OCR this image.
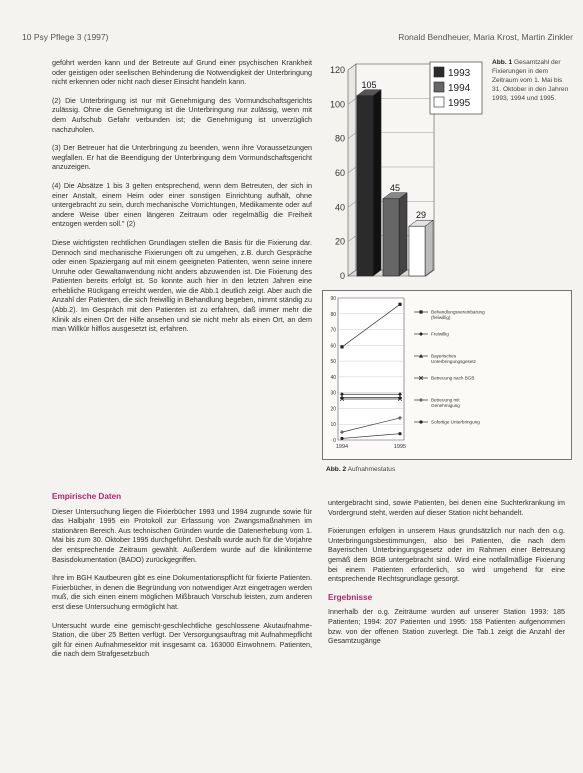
10 Psy Pflege 3 (1997)	Ronald Bendheuer, Maria Krost, Martin Zinkler

geführt werden kann und der Betreute auf Grund einer psychischen Krankheit oder geistigen oder seelischen Behinderung die Notwendigkeit der Unterbringung nicht erkennen oder nicht nach dieser Einsicht handeln kann.

(2) Die Unterbringung ist nur mit Genehmigung des Vormundschaftsgerichts zulässig. Ohne die Genehmigung ist die Unterbringung nur zulässig, wenn mit dem Aufschub Gefahr verbunden ist; die Genehmigung ist unverzüglich nachzuholen.

(3) Der Betreuer hat die Unterbringung zu beenden, wenn ihre Voraussetzungen wegfallen. Er hat die Beendigung der Unterbringung dem Vormundschaftsgericht anzuzeigen.

(4) Die Absätze 1 bis 3 gelten entsprechend, wenn dem Betreuten, der sich in einer Anstalt, einem Heim oder einer sonstigen Einrichtung aufhält, ohne untergebracht zu sein, durch mechanische Vorrichtungen, Medikamente oder auf andere Weise über einen längeren Zeitraum oder regelmäßig die Freiheit entzogen werden soll." (2)

Diese wichtigsten rechtlichen Grundlagen stellen die Basis für die Fixierung dar. Dennoch sind mechanische Fixierungen oft zu umgehen, z.B. durch Gespräche oder einen Spaziergang auf mit einem geeigneten Patienten, wenn seine innere Unruhe oder Gewaltanwendung nicht anders abzuwenden ist. Die Fixierung des Patienten bereits erfolgt ist. So konnte auch hier in den letzten Jahren eine erhebliche Rückgang erreicht werden, wie die Abb.1 deutlich zeigt. Aber auch die Anzahl der Patienten, die sich freiwillig in Behandlung begeben, nimmt ständig zu (Abb.2). Im Gespräch mit den Patienten ist zu erfahren, daß immer mehr die Klinik als einen Ort der Hilfe ansehen und sie nicht mehr als einen Ort, an dem man Willkür hilflos ausgesetzt ist, erfahren.

Empirische Daten

Dieser Untersuchung liegen die Fixierbücher 1993 und 1994 zugrunde sowie für das Halbjahr 1995 ein Protokoll zur Erfassung von Zwangsmaßnahmen im stationären Bereich. Aus technischen Gründen wurde die Datenerhebung vom 1. Mai bis zum 30. Oktober 1995 durchgeführt. Deshalb wurde auch für die Vorjahre der entsprechende Zeitraum gewählt. Außerdem wurde auf die klinikinterne Basisdokumentation (BADO) zurückgegriffen.

Ihre im BGH Kautbeuren gibt es eine Dokumentationspflicht für fixierte Patienten. Fixierbücher, in denen die Begründung von notwendiger Arzt eingetragen werden muß, die sich einen einem möglichen Mißbrauch Vorschub leisten, zum anderen erst diese Untersuchung ermöglicht hat.

Untersucht wurde eine gemischt-geschlechtliche geschlossene Akutaufnahme-Station, die über 25 Betten verfügt. Der Versorgungsauftrag mit Aufnahmepflicht gilt für einen Aufnahmesektor mit insgesamt ca. 163000 Einwohnern. Patienten, die nach dem Strafgesetzbuch

0
20
40
60
80
100
120
105
45
29
1993
1994
1995
Abb. 1 Gesamtzahl der Fixierungen in dem Zeitraum vom 1. Mai bis 31. Oktober in den Jahren 1993, 1994 und 1995.
0
10
20
30
40
50
60
70
80
90
1994	1995
Behandlungsvereinbarung
(freiwillig)
Freiwillig
Bayerisches
Unterbringungsgesetz
Betreuung nach BGB
Betreuung mit
Genehmigung
Sofortige Unterbringung
Abb. 2 Aufnahmestatus

untergebracht sind, sowie Patienten, bei denen eine Suchterkrankung im Vordergrund steht, werden auf dieser Station nicht behandelt.

Fixierungen erfolgen in unserem Haus grundsätzlich nur nach den o.g. Unterbringungsbestimmungen, also bei Patienten, die nach dem Bayerischen Unterbringungsgesetz oder im Rahmen einer Betreuung gemäß dem BGB untergebracht sind. Wird eine notfallmäßige Fixierung bei einem Patienten erforderlich, so wird umgehend für eine entsprechende Rechtsgrundlage gesorgt.

Ergebnisse

Innerhalb der o.g. Zeiträume wurden auf unserer Station 1993: 185 Patienten; 1994: 207 Patienten und 1995: 158 Patienten aufgenommen bzw. von der offenen Station zuverlegt. Die Tab.1 zeigt die Anzahl der Gesamtzugänge
